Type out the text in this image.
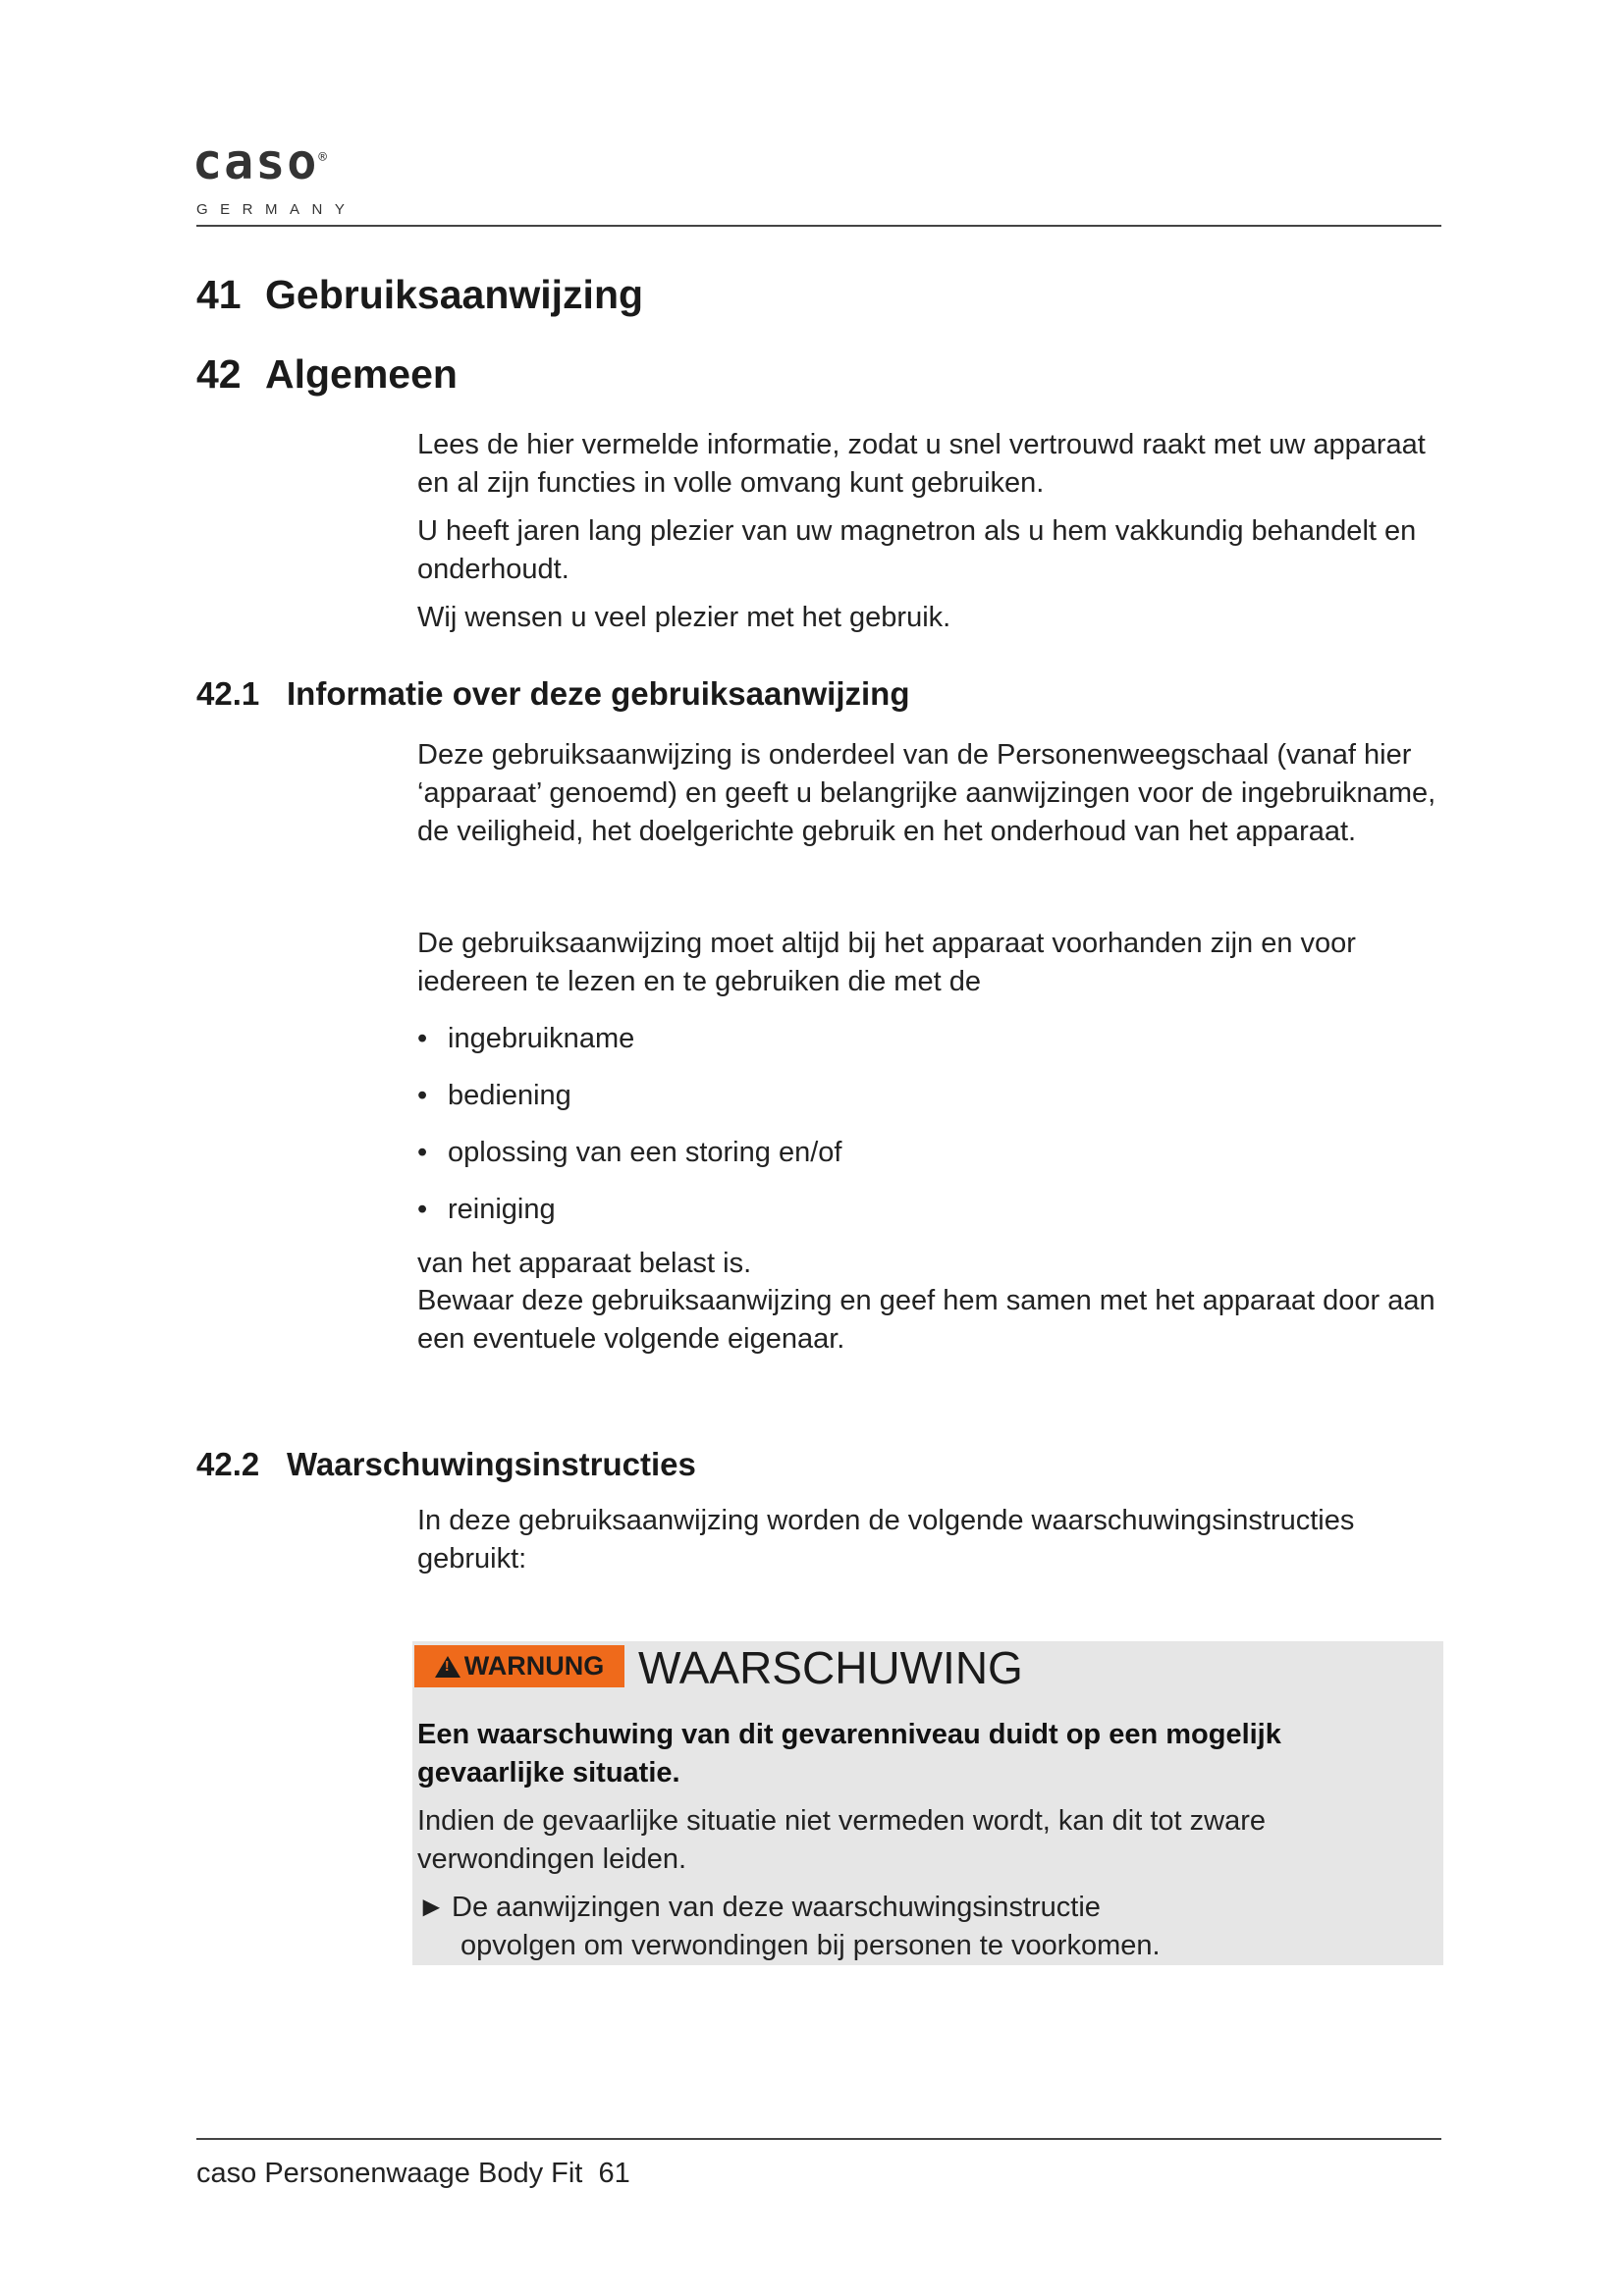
caso®
GERMANY
41 Gebruiksaanwijzing
42 Algemeen

Lees de hier vermelde informatie, zodat u snel vertrouwd raakt met uw apparaat en al zijn functies in volle omvang kunt gebruiken.

U heeft jaren lang plezier van uw magnetron als u hem vakkundig behandelt en onderhoudt.

Wij wensen u veel plezier met het gebruik.

42.1 Informatie over deze gebruiksaanwijzing

Deze gebruiksaanwijzing is onderdeel van de Personenweegschaal (vanaf hier ‘apparaat’ genoemd) en geeft u belangrijke aanwijzingen voor de ingebruikname, de veiligheid, het doelgerichte gebruik en het onderhoud van het apparaat.

De gebruiksaanwijzing moet altijd bij het apparaat voorhanden zijn en voor iedereen te lezen en te gebruiken die met de

• ingebruikname
• bediening
• oplossing van een storing en/of
• reiniging

van het apparaat belast is.

Bewaar deze gebruiksaanwijzing en geef hem samen met het apparaat door aan een eventuele volgende eigenaar.

42.2 Waarschuwingsinstructies

In deze gebruiksaanwijzing worden de volgende waarschuwingsinstructies gebruikt:

!
WARNUNG WAARSCHUWING

Een waarschuwing van dit gevarenniveau duidt op een mogelijk gevaarlijke situatie.

Indien de gevaarlijke situatie niet vermeden wordt, kan dit tot zware verwondingen leiden.

► De aanwijzingen van deze waarschuwingsinstructie
opvolgen om verwondingen bij personen te voorkomen.
caso Personenwaage Body Fit  61
